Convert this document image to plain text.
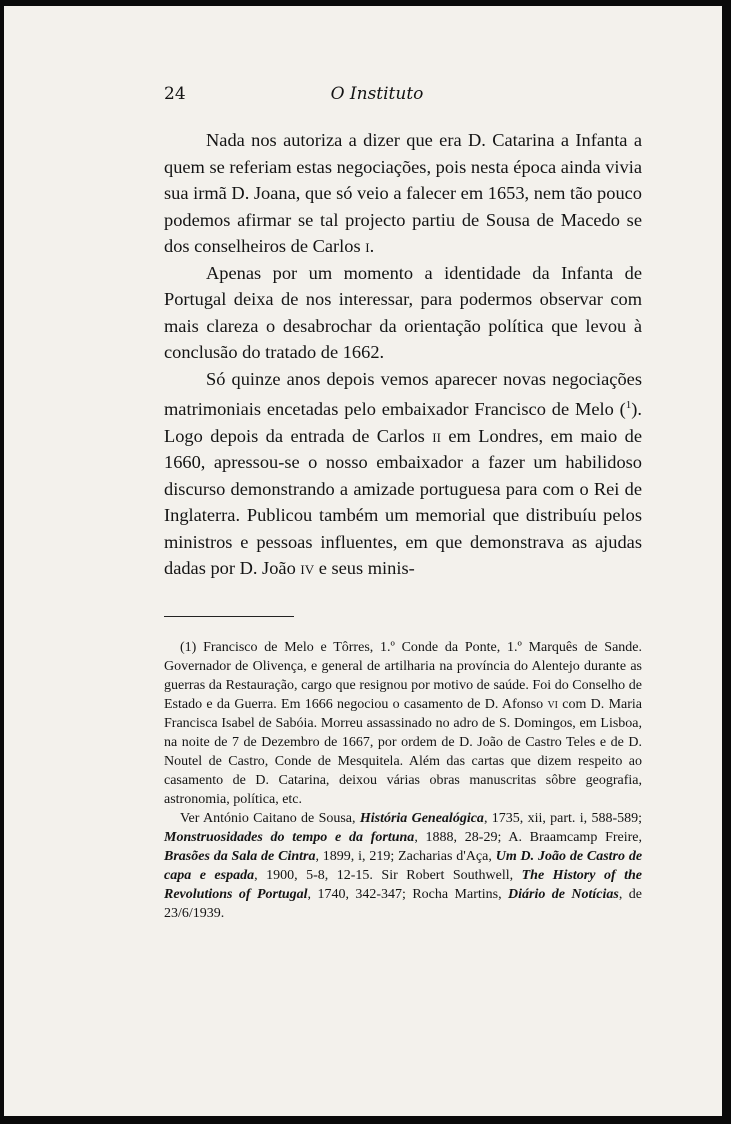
24	O Instituto

Nada nos autoriza a dizer que era D. Catarina a Infanta a quem se referiam estas negociações, pois nesta época ainda vivia sua irmã D. Joana, que só veio a falecer em 1653, nem tão pouco podemos afirmar se tal projecto partiu de Sousa de Macedo se dos conselheiros de Carlos i.

Apenas por um momento a identidade da Infanta de Portugal deixa de nos interessar, para podermos observar com mais clareza o desabrochar da orientação política que levou à conclusão do tratado de 1662.

Só quinze anos depois vemos aparecer novas negociações matrimoniais encetadas pelo embaixador Francisco de Melo ($^1$). Logo depois da entrada de Carlos ii em Londres, em maio de 1660, apressou-se o nosso embaixador a fazer um habilidoso discurso demonstrando a amizade portuguesa para com o Rei de Inglaterra. Publicou também um memorial que distribuíu pelos ministros e pessoas influentes, em que demonstrava as ajudas dadas por D. João iv e seus minis-

(1) Francisco de Melo e Tôrres, 1.º Conde da Ponte, 1.º Marquês de Sande. Governador de Olivença, e general de artilharia na província do Alentejo durante as guerras da Restauração, cargo que resignou por motivo de saúde. Foi do Conselho de Estado e da Guerra. Em 1666 negociou o casamento de D. Afonso vi com D. Maria Francisca Isabel de Sabóia. Morreu assassinado no adro de S. Domingos, em Lisboa, na noite de 7 de Dezembro de 1667, por ordem de D. João de Castro Teles e de D. Noutel de Castro, Conde de Mesquitela. Além das cartas que dizem respeito ao casamento de D. Catarina, deixou várias obras manuscritas sôbre geografia, astronomia, política, etc.

Ver António Caitano de Sousa, História Genealógica, 1735, xii, part. i, 588-589; Monstruosidades do tempo e da fortuna, 1888, 28-29; A. Braamcamp Freire, Brasões da Sala de Cintra, 1899, i, 219; Zacharias d'Aça, Um D. João de Castro de capa e espada, 1900, 5-8, 12-15. Sir Robert Southwell, The History of the Revolutions of Portugal, 1740, 342-347; Rocha Martins, Diário de Notícias, de 23/6/1939.
